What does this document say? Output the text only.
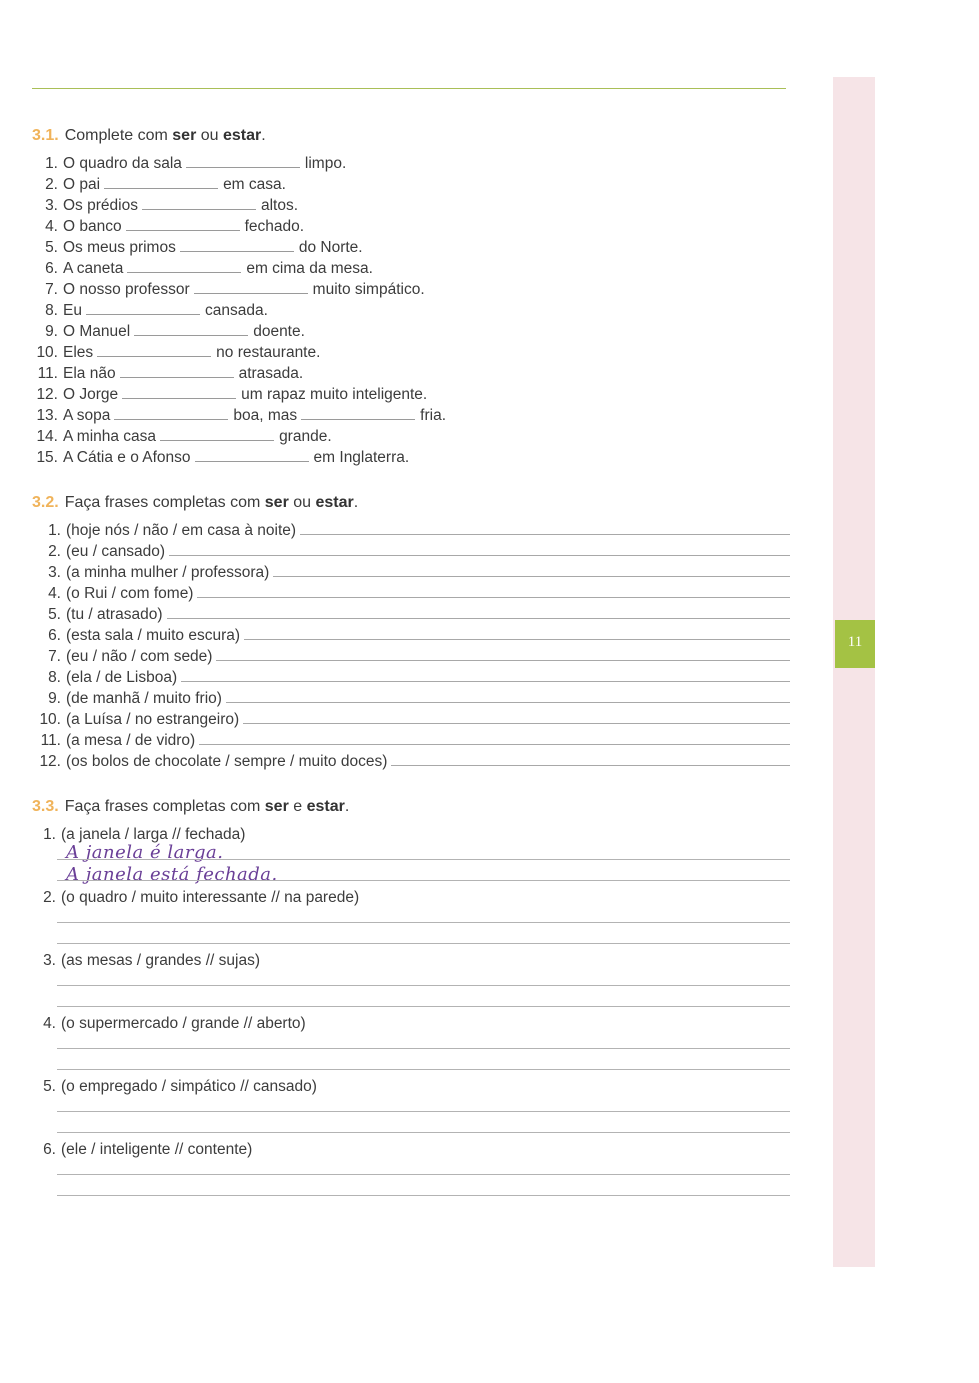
11
3.1. Complete com ser ou estar.
1. O quadro da sala	limpo.
2. O pai	em casa.
3. Os prédios	altos.
4. O banco	fechado.
5. Os meus primos	do Norte.
6. A caneta	em cima da mesa.
7. O nosso professor	muito simpático.
8. Eu	cansada.
9. O Manuel	doente.
10. Eles	no restaurante.
11. Ela não	atrasada.
12. O Jorge	um rapaz muito inteligente.
13. A sopa	boa, mas	fria.
14. A minha casa	grande.
15. A Cátia e o Afonso	em Inglaterra.
3.2. Faça frases completas com ser ou estar.
1. (hoje nós / não / em casa à noite)
2. (eu / cansado)
3. (a minha mulher / professora)
4. (o Rui / com fome)
5. (tu / atrasado)
6. (esta sala / muito escura)
7. (eu / não / com sede)
8. (ela / de Lisboa)
9. (de manhã / muito frio)
10. (a Luísa / no estrangeiro)
11. (a mesa / de vidro)
12. (os bolos de chocolate / sempre / muito doces)
3.3. Faça frases completas com ser e estar.
1. (a janela / larga // fechada)
A janela é larga.
A janela está fechada.
2. (o quadro / muito interessante // na parede)
3. (as mesas / grandes // sujas)
4. (o supermercado / grande // aberto)
5. (o empregado / simpático // cansado)
6. (ele / inteligente // contente)
